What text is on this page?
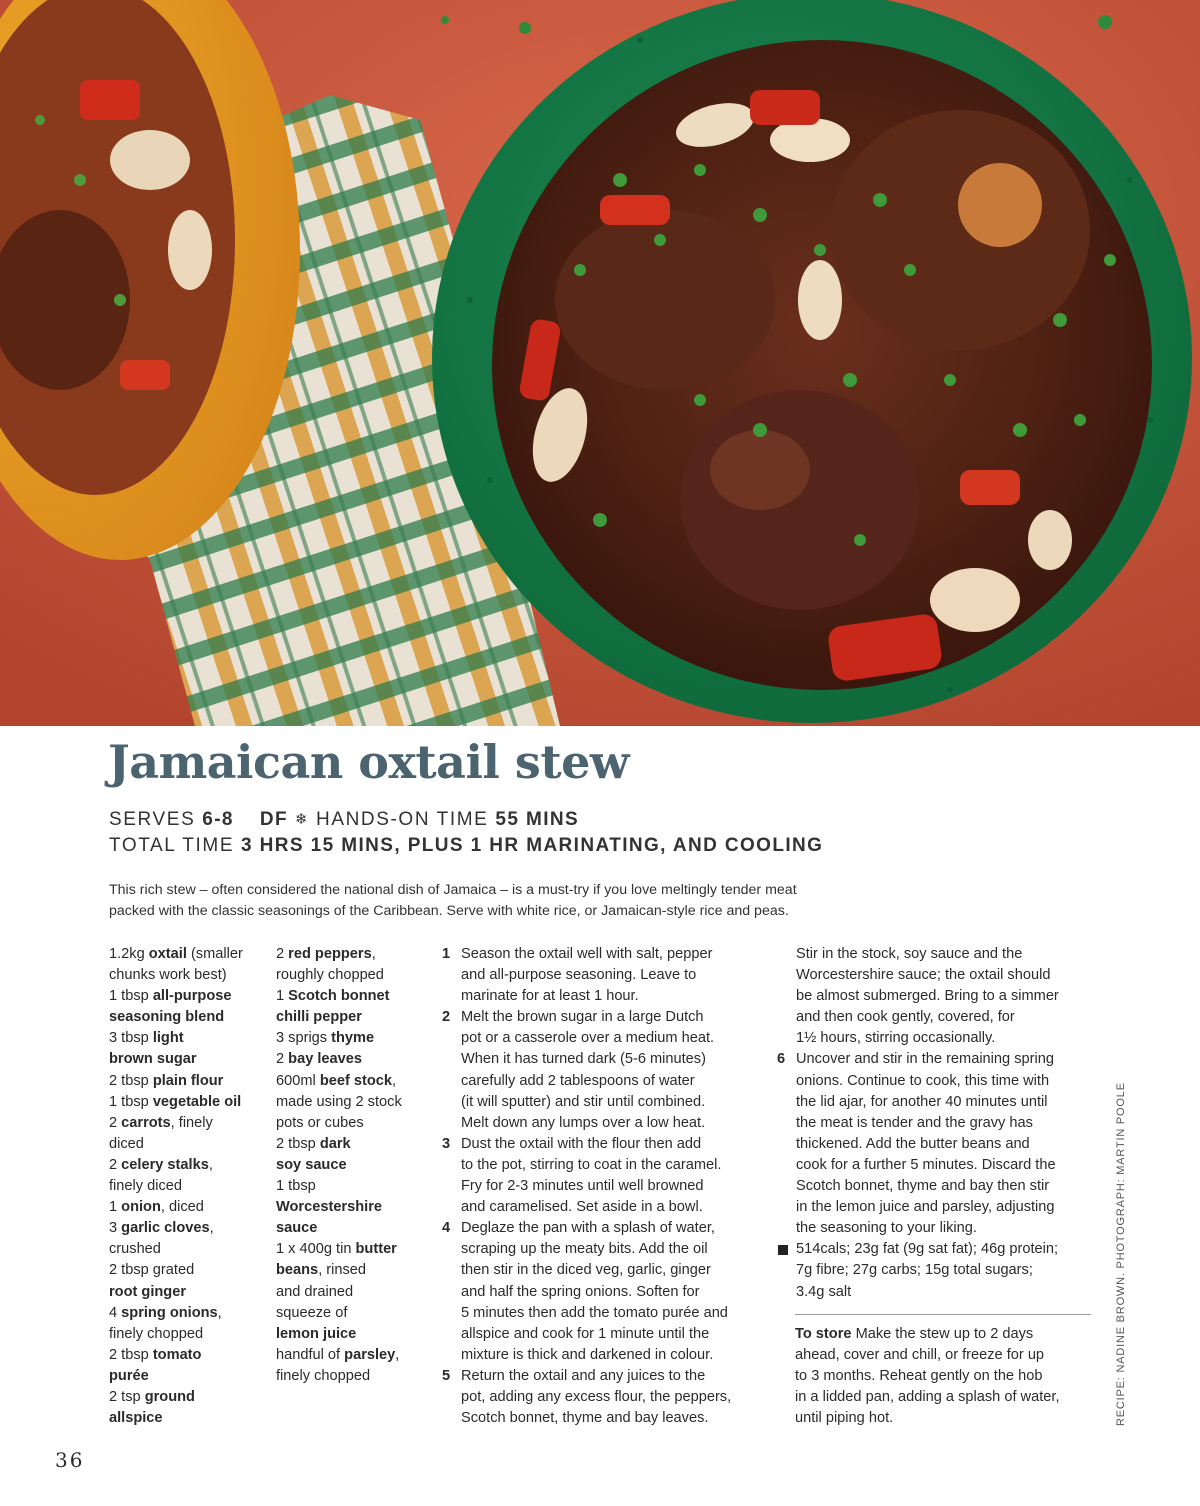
Jamaican oxtail stew
SERVES 6-8 DF ❄ HANDS-ON TIME 55 MINS
TOTAL TIME 3 HRS 15 MINS, PLUS 1 HR MARINATING, AND COOLING

This rich stew – often considered the national dish of Jamaica – is a must-try if you love meltingly tender meat

packed with the classic seasonings of the Caribbean. Serve with white rice, or Jamaican-style rice and peas.

1.2kg oxtail (smaller
chunks work best)
1 tbsp all-purpose
seasoning blend
3 tbsp light
brown sugar
2 tbsp plain flour
1 tbsp vegetable oil
2 carrots, finely
diced
2 celery stalks,
finely diced
1 onion, diced
3 garlic cloves,
crushed
2 tbsp grated
root ginger
4 spring onions,
finely chopped
2 tbsp tomato
purée
2 tsp ground
allspice
2 red peppers,
roughly chopped
1 Scotch bonnet
chilli pepper
3 sprigs thyme
2 bay leaves
600ml beef stock,
made using 2 stock
pots or cubes
2 tbsp dark
soy sauce
1 tbsp
Worcestershire
sauce
1 x 400g tin butter
beans, rinsed
and drained
squeeze of
lemon juice
handful of parsley,
finely chopped
1 Season the oxtail well with salt, pepper
and all-purpose seasoning. Leave to
marinate for at least 1 hour.
2 Melt the brown sugar in a large Dutch
pot or a casserole over a medium heat.
When it has turned dark (5-6 minutes)
carefully add 2 tablespoons of water
(it will sputter) and stir until combined.
Melt down any lumps over a low heat.
3 Dust the oxtail with the flour then add
to the pot, stirring to coat in the caramel.
Fry for 2-3 minutes until well browned
and caramelised. Set aside in a bowl.
4 Deglaze the pan with a splash of water,
scraping up the meaty bits. Add the oil
then stir in the diced veg, garlic, ginger
and half the spring onions. Soften for
5 minutes then add the tomato purée and
allspice and cook for 1 minute until the
mixture is thick and darkened in colour.
5 Return the oxtail and any juices to the
pot, adding any excess flour, the peppers,
Scotch bonnet, thyme and bay leaves.
Stir in the stock, soy sauce and the
Worcestershire sauce; the oxtail should
be almost submerged. Bring to a simmer
and then cook gently, covered, for
1½ hours, stirring occasionally.
6 Uncover and stir in the remaining spring
onions. Continue to cook, this time with
the lid ajar, for another 40 minutes until
the meat is tender and the gravy has
thickened. Add the butter beans and
cook for a further 5 minutes. Discard the
Scotch bonnet, thyme and bay then stir
in the lemon juice and parsley, adjusting
the seasoning to your liking.
514cals; 23g fat (9g sat fat); 46g protein;
7g fibre; 27g carbs; 15g total sugars;
3.4g salt
To store Make the stew up to 2 days
ahead, cover and chill, or freeze for up
to 3 months. Reheat gently on the hob
in a lidded pan, adding a splash of water,
until piping hot.	RECIPE: NADINE BROWN. PHOTOGRAPH: MARTIN POOLE
36
